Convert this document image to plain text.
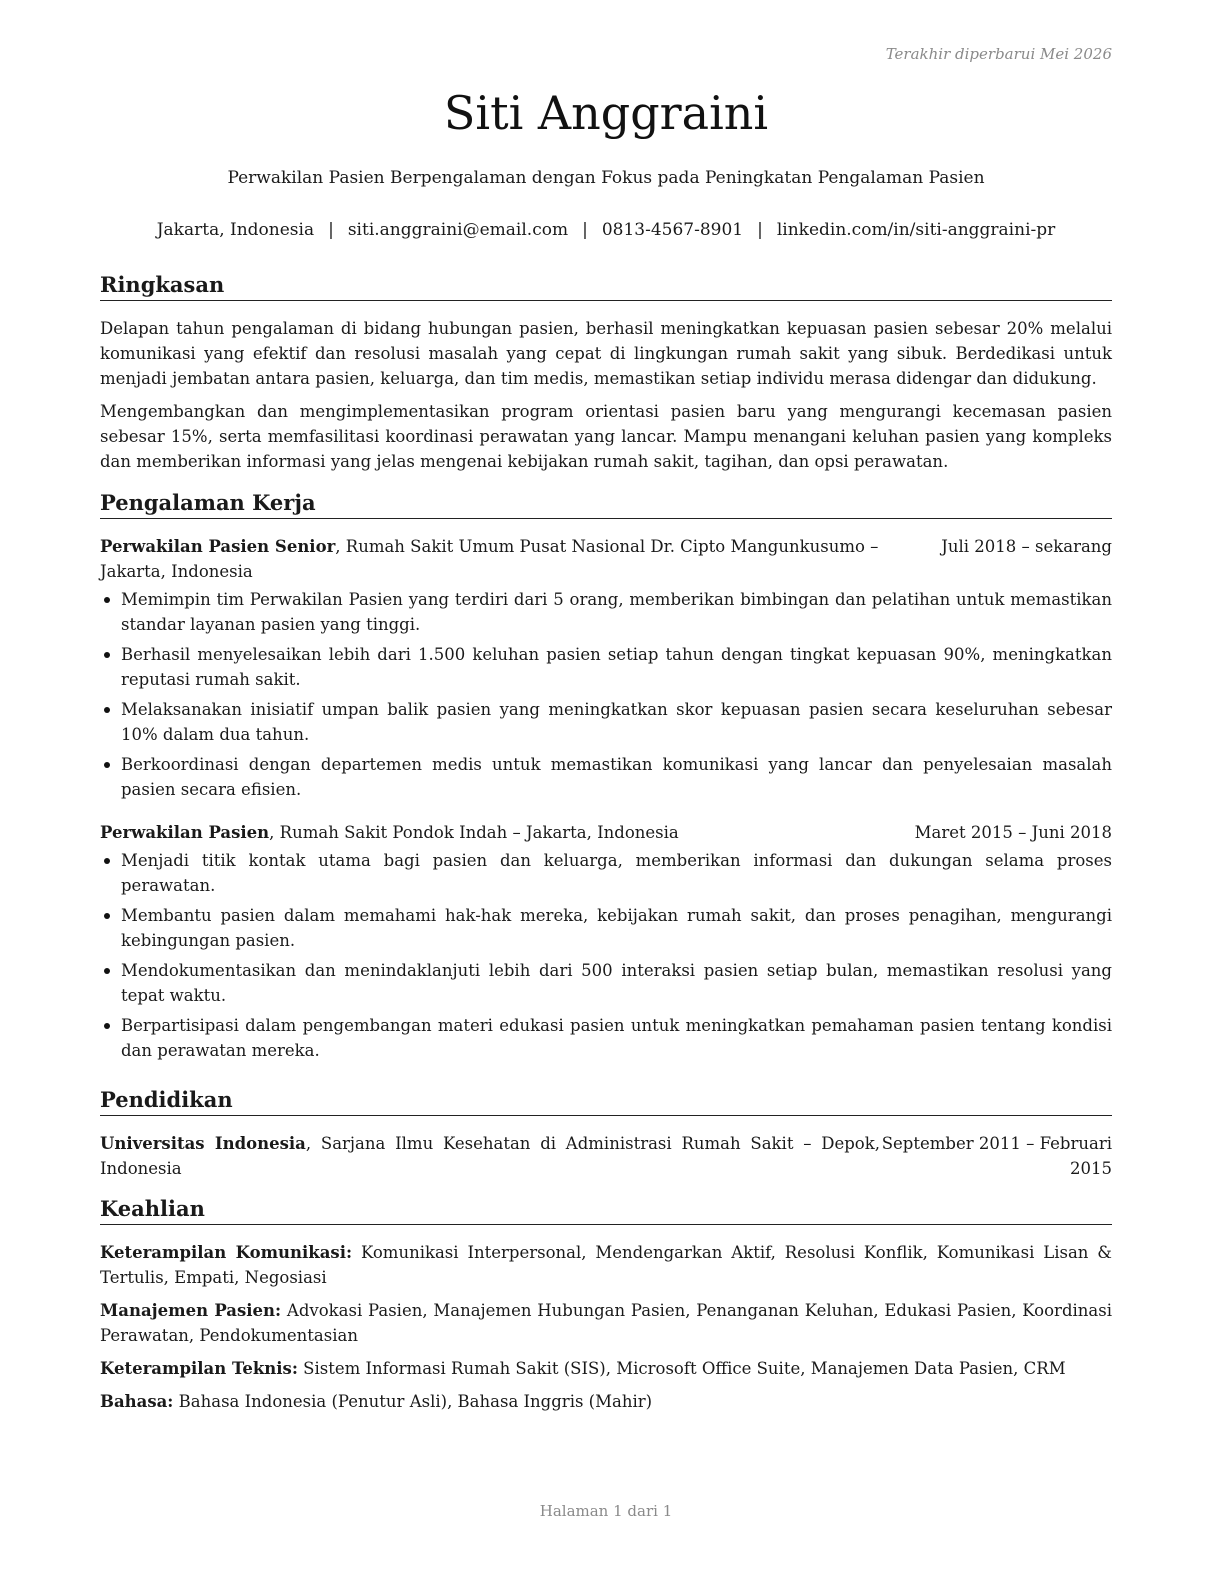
Terakhir diperbarui Mei 2026
Siti Anggraini
Perwakilan Pasien Berpengalaman dengan Fokus pada Peningkatan Pengalaman Pasien
Jakarta, Indonesia | siti.anggraini@email.com | 0813-4567-8901 | linkedin.com/in/siti-anggraini-pr
Ringkasan

Delapan tahun pengalaman di bidang hubungan pasien, berhasil meningkatkan kepuasan pasien sebesar 20% melalui komunikasi yang efektif dan resolusi masalah yang cepat di lingkungan rumah sakit yang sibuk. Berdedikasi untuk menjadi jembatan antara pasien, keluarga, dan tim medis, memastikan setiap individu merasa didengar dan didukung.

Mengembangkan dan mengimplementasikan program orientasi pasien baru yang mengurangi kecemasan pasien sebesar 15%, serta memfasilitasi koordinasi perawatan yang lancar. Mampu menangani keluhan pasien yang kompleks dan memberikan informasi yang jelas mengenai kebijakan rumah sakit, tagihan, dan opsi perawatan.

Pengalaman Kerja
Perwakilan Pasien Senior, Rumah Sakit Umum Pusat Nasional Dr. Cipto Mangunkusumo – Jakarta, Indonesia
Juli 2018 – sekarang
Memimpin tim Perwakilan Pasien yang terdiri dari 5 orang, memberikan bimbingan dan pelatihan untuk memastikan standar layanan pasien yang tinggi.
Berhasil menyelesaikan lebih dari 1.500 keluhan pasien setiap tahun dengan tingkat kepuasan 90%, meningkatkan reputasi rumah sakit.
Melaksanakan inisiatif umpan balik pasien yang meningkatkan skor kepuasan pasien secara keseluruhan sebesar 10% dalam dua tahun.
Berkoordinasi dengan departemen medis untuk memastikan komunikasi yang lancar dan penyelesaian masalah pasien secara efisien.
Perwakilan Pasien, Rumah Sakit Pondok Indah – Jakarta, Indonesia	Maret 2015 – Juni 2018
Menjadi titik kontak utama bagi pasien dan keluarga, memberikan informasi dan dukungan selama proses perawatan.
Membantu pasien dalam memahami hak-hak mereka, kebijakan rumah sakit, dan proses penagihan, mengurangi kebingungan pasien.
Mendokumentasikan dan menindaklanjuti lebih dari 500 interaksi pasien setiap bulan, memastikan resolusi yang tepat waktu.
Berpartisipasi dalam pengembangan materi edukasi pasien untuk meningkatkan pemahaman pasien tentang kondisi dan perawatan mereka.
Pendidikan
Universitas Indonesia, Sarjana Ilmu Kesehatan di Administrasi Rumah Sakit – Depok, Indonesia
September 2011 – Februari 2015
Keahlian

Keterampilan Komunikasi: Komunikasi Interpersonal, Mendengarkan Aktif, Resolusi Konflik, Komunikasi Lisan & Tertulis, Empati, Negosiasi

Manajemen Pasien: Advokasi Pasien, Manajemen Hubungan Pasien, Penanganan Keluhan, Edukasi Pasien, Koordinasi Perawatan, Pendokumentasian

Keterampilan Teknis: Sistem Informasi Rumah Sakit (SIS), Microsoft Office Suite, Manajemen Data Pasien, CRM

Bahasa: Bahasa Indonesia (Penutur Asli), Bahasa Inggris (Mahir)

Halaman 1 dari 1
